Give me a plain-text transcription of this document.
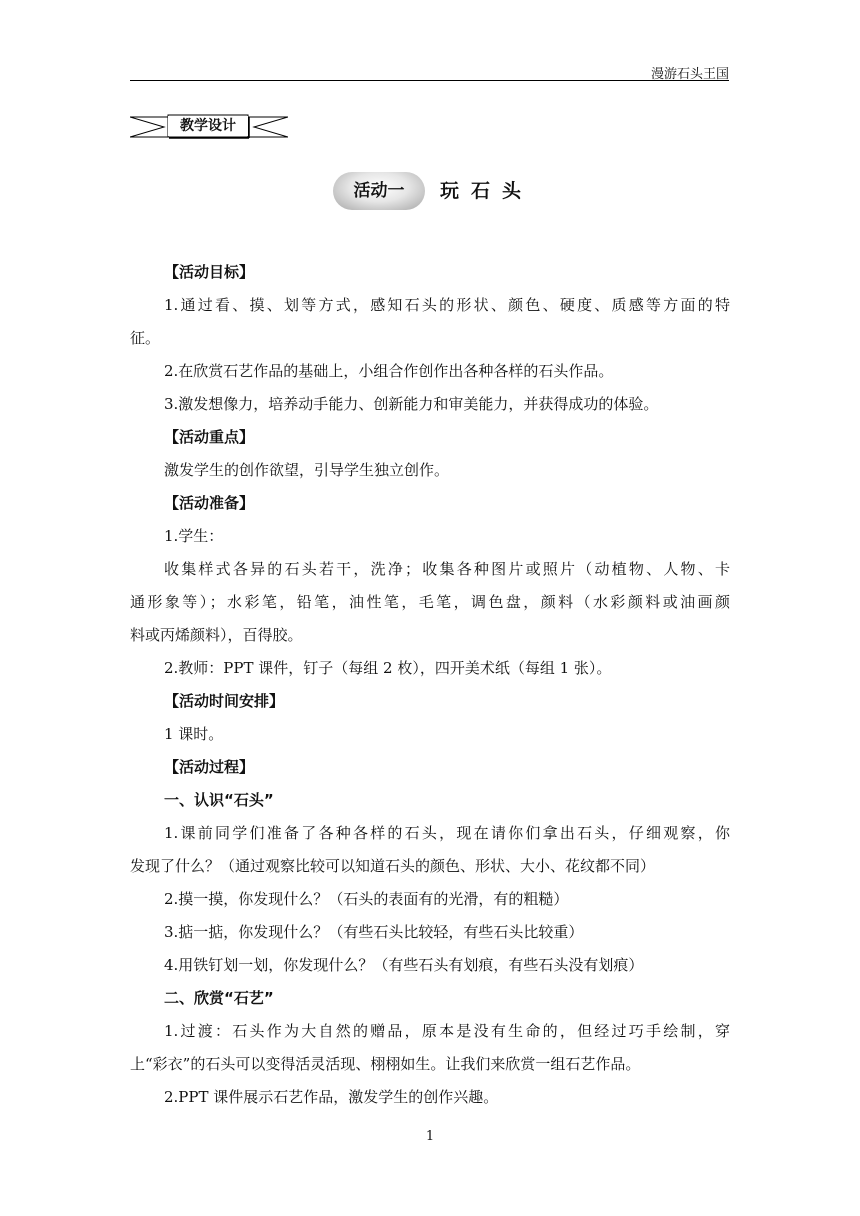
漫游石头王国
教学设计
活动一	玩石头
【活动目标】
1.通过看、摸、划等方式，感知石头的形状、颜色、硬度、质感等方面的特
征。
2.在欣赏石艺作品的基础上，小组合作创作出各种各样的石头作品。
3.激发想像力，培养动手能力、创新能力和审美能力，并获得成功的体验。
【活动重点】
激发学生的创作欲望，引导学生独立创作。
【活动准备】
1.学生：
收集样式各异的石头若干，洗净；收集各种图片或照片（动植物、人物、卡
通形象等）；水彩笔，铅笔，油性笔，毛笔，调色盘，颜料（水彩颜料或油画颜
料或丙烯颜料），百得胶。
2.教师：PPT 课件，钉子（每组 2 枚），四开美术纸（每组 1 张）。
【活动时间安排】
1 课时。
【活动过程】
一、认识“石头”
1.课前同学们准备了各种各样的石头，现在请你们拿出石头，仔细观察，你
发现了什么？（通过观察比较可以知道石头的颜色、形状、大小、花纹都不同）
2.摸一摸，你发现什么？（石头的表面有的光滑，有的粗糙）
3.掂一掂，你发现什么？（有些石头比较轻，有些石头比较重）
4.用铁钉划一划，你发现什么？（有些石头有划痕，有些石头没有划痕）
二、欣赏“石艺”
1.过渡：石头作为大自然的赠品，原本是没有生命的，但经过巧手绘制，穿
上“彩衣”的石头可以变得活灵活现、栩栩如生。让我们来欣赏一组石艺作品。
2.PPT 课件展示石艺作品，激发学生的创作兴趣。
1
